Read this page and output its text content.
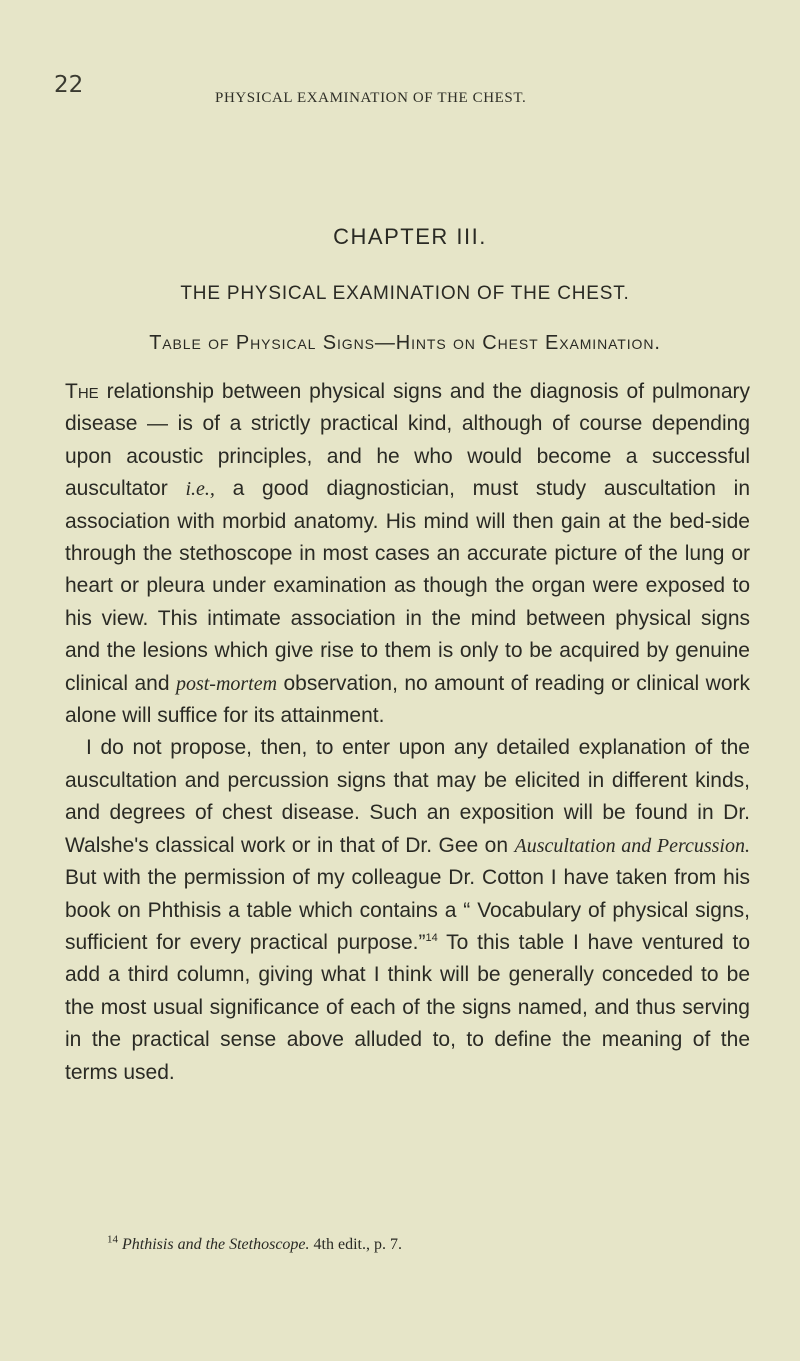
22	PHYSICAL EXAMINATION OF THE CHEST.
CHAPTER III.
THE PHYSICAL EXAMINATION OF THE CHEST.
Table of Physical Signs—Hints on Chest Examination.

The relationship between physical signs and the diagnosis of pulmonary disease — is of a strictly practical kind, although of course depending upon acoustic principles, and he who would become a successful auscultator i.e., a good diagnostician, must study auscultation in association with morbid anatomy. His mind will then gain at the bed-side through the stethoscope in most cases an accurate picture of the lung or heart or pleura under examination as though the organ were exposed to his view. This intimate association in the mind between physical signs and the lesions which give rise to them is only to be acquired by genuine clinical and post-mortem observation, no amount of reading or clinical work alone will suffice for its attainment.

I do not propose, then, to enter upon any detailed explanation of the auscultation and percussion signs that may be elicited in different kinds, and degrees of chest disease. Such an exposition will be found in Dr. Walshe's classical work or in that of Dr. Gee on Auscultation and Percussion. But with the permission of my colleague Dr. Cotton I have taken from his book on Phthisis a table which contains a “ Vocabulary of physical signs, sufficient for every practical purpose.”$^{14}$ To this table I have ventured to add a third column, giving what I think will be generally conceded to be the most usual significance of each of the signs named, and thus serving in the practical sense above alluded to, to define the meaning of the terms used.

$^{14}$ Phthisis and the Stethoscope. 4th edit., p. 7.
